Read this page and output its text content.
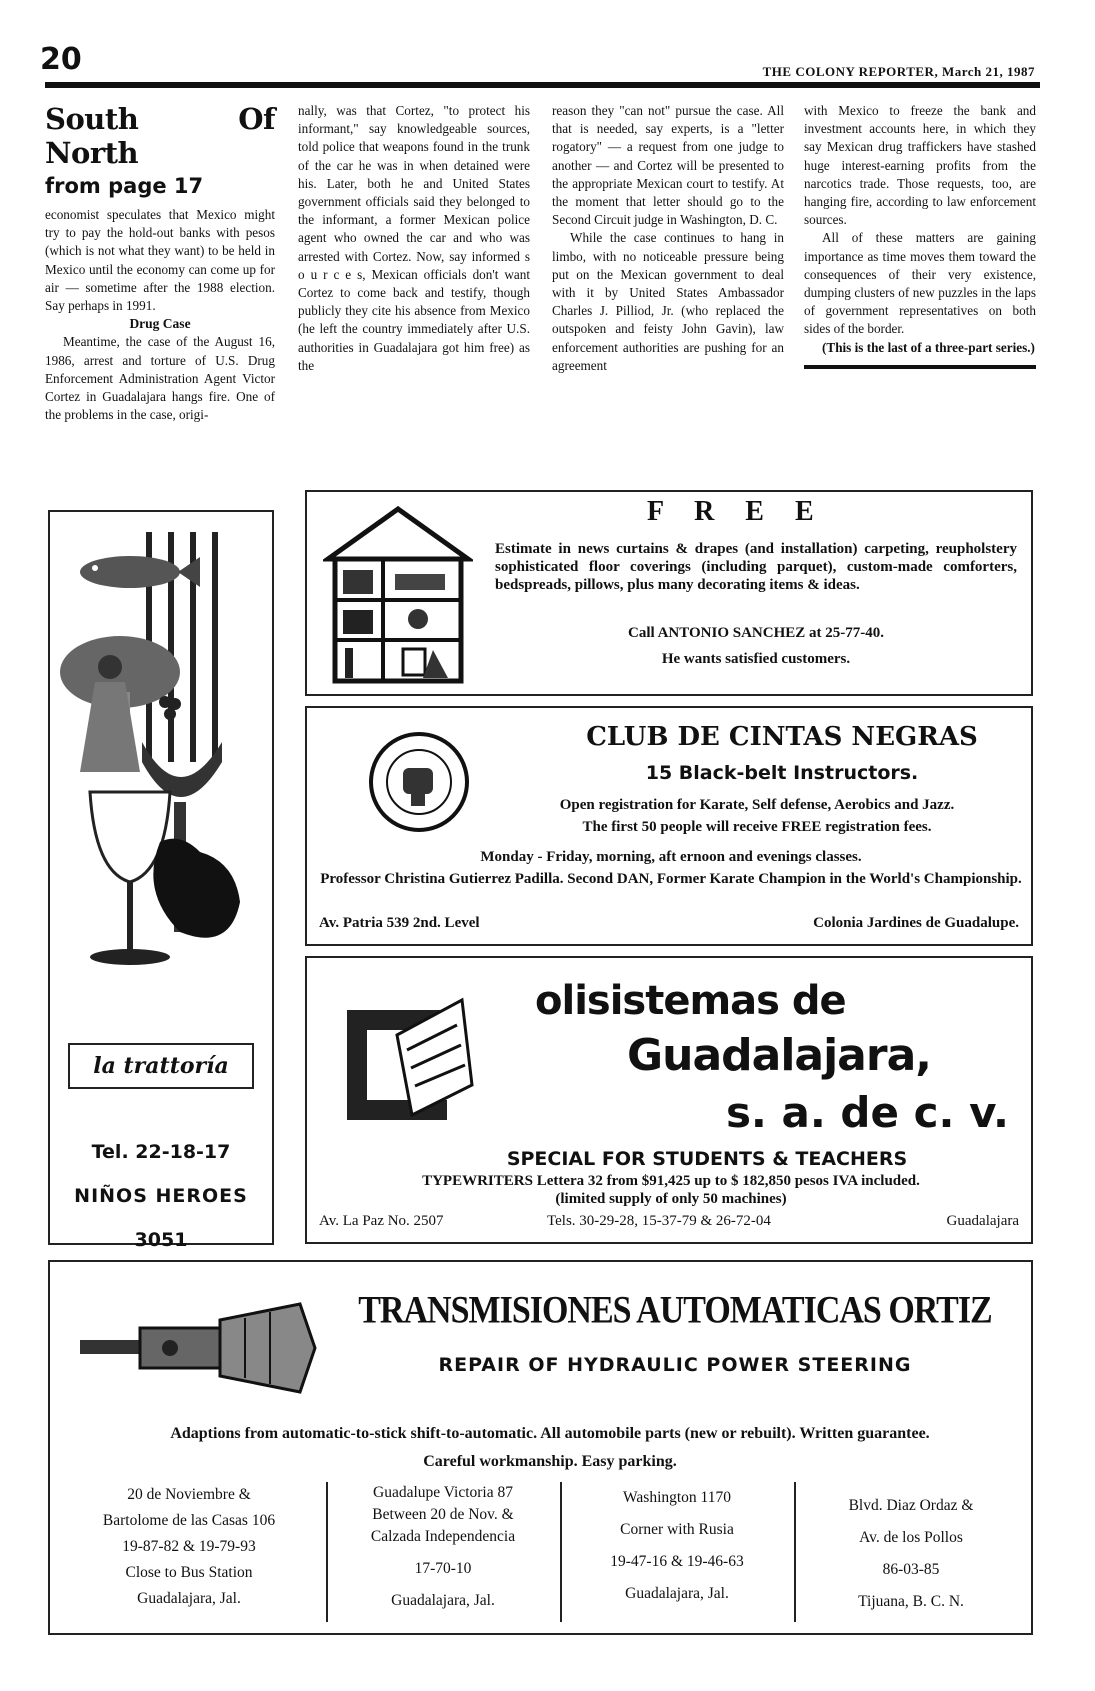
20	THE COLONY REPORTER, March 21, 1987
South Of North
from page 17

economist speculates that Mexico might try to pay the hold-out banks with pesos (which is not what they want) to be held in Mexico until the economy can come up for air — sometime after the 1988 election. Say perhaps in 1991.

Drug Case

Meantime, the case of the August 16, 1986, arrest and torture of U.S. Drug Enforcement Administration Agent Victor Cortez in Guadalajara hangs fire. One of the problems in the case, origi-

nally, was that Cortez, "to protect his informant," say knowledgeable sources, told police that weapons found in the trunk of the car he was in when detained were his. Later, both he and United States government officials said they belonged to the informant, a former Mexican police agent who owned the car and who was arrested with Cortez. Now, say informed s o u r c e s, Mexican officials don't want Cortez to come back and testify, though publicly they cite his absence from Mexico (he left the country immediately after U.S. authorities in Guadalajara got him free) as the

reason they "can not" pursue the case. All that is needed, say experts, is a "letter rogatory" — a request from one judge to another — and Cortez will be presented to the appropriate Mexican court to testify. At the moment that letter should go to the Second Circuit judge in Washington, D. C.

While the case continues to hang in limbo, with no noticeable pressure being put on the Mexican government to deal with it by United States Ambassador Charles J. Pilliod, Jr. (who replaced the outspoken and feisty John Gavin), law enforcement authorities are pushing for an agreement

with Mexico to freeze the bank and investment accounts here, in which they say Mexican drug traffickers have stashed huge interest-earning profits from the narcotics trade. Those requests, too, are hanging fire, according to law enforcement sources.

All of these matters are gaining importance as time moves them toward the consequences of their very existence, dumping clusters of new puzzles in the laps of government representatives on both sides of the border.

(This is the last of a three-part series.)

la trattoría
Tel. 22-18-17
NIÑOS HEROES
3051
F R E E
Estimate in news curtains & drapes (and installation) carpeting, reupholstery sophisticated floor coverings (including parquet), custom-made comforters, bedspreads, pillows, plus many decorating items & ideas.
Call ANTONIO SANCHEZ at 25-77-40.
He wants satisfied customers.
CLUB DE CINTAS NEGRAS
15 Black-belt Instructors.
Open registration for Karate, Self defense, Aerobics and Jazz.
The first 50 people will receive FREE registration fees.
Monday - Friday, morning, aft ernoon and evenings classes.
Professor Christina Gutierrez Padilla. Second DAN, Former Karate Champion in the World's Championship.
Av. Patria 539 2nd. Level	Colonia Jardines de Guadalupe.
olisistemas de
Guadalajara,
s. a. de c. v.
SPECIAL FOR STUDENTS & TEACHERS
TYPEWRITERS Lettera 32 from $91,425 up to $ 182,850 pesos IVA included.
(limited supply of only 50 machines)
Av. La Paz No. 2507	Tels. 30-29-28, 15-37-79 & 26-72-04	Guadalajara
TRANSMISIONES AUTOMATICAS ORTIZ
REPAIR OF HYDRAULIC POWER STEERING
Adaptions from automatic-to-stick shift-to-automatic. All automobile parts (new or rebuilt). Written guarantee. Careful workmanship. Easy parking.
20 de Noviembre &
Bartolome de las Casas 106
19-87-82 & 19-79-93
Close to Bus Station
Guadalajara, Jal.
Guadalupe Victoria 87
Between 20 de Nov. &
Calzada Independencia
17-70-10
Guadalajara, Jal.
Washington 1170
Corner with Rusia
19-47-16 & 19-46-63
Guadalajara, Jal.
Blvd. Diaz Ordaz &
Av. de los Pollos
86-03-85
Tijuana, B. C. N.
